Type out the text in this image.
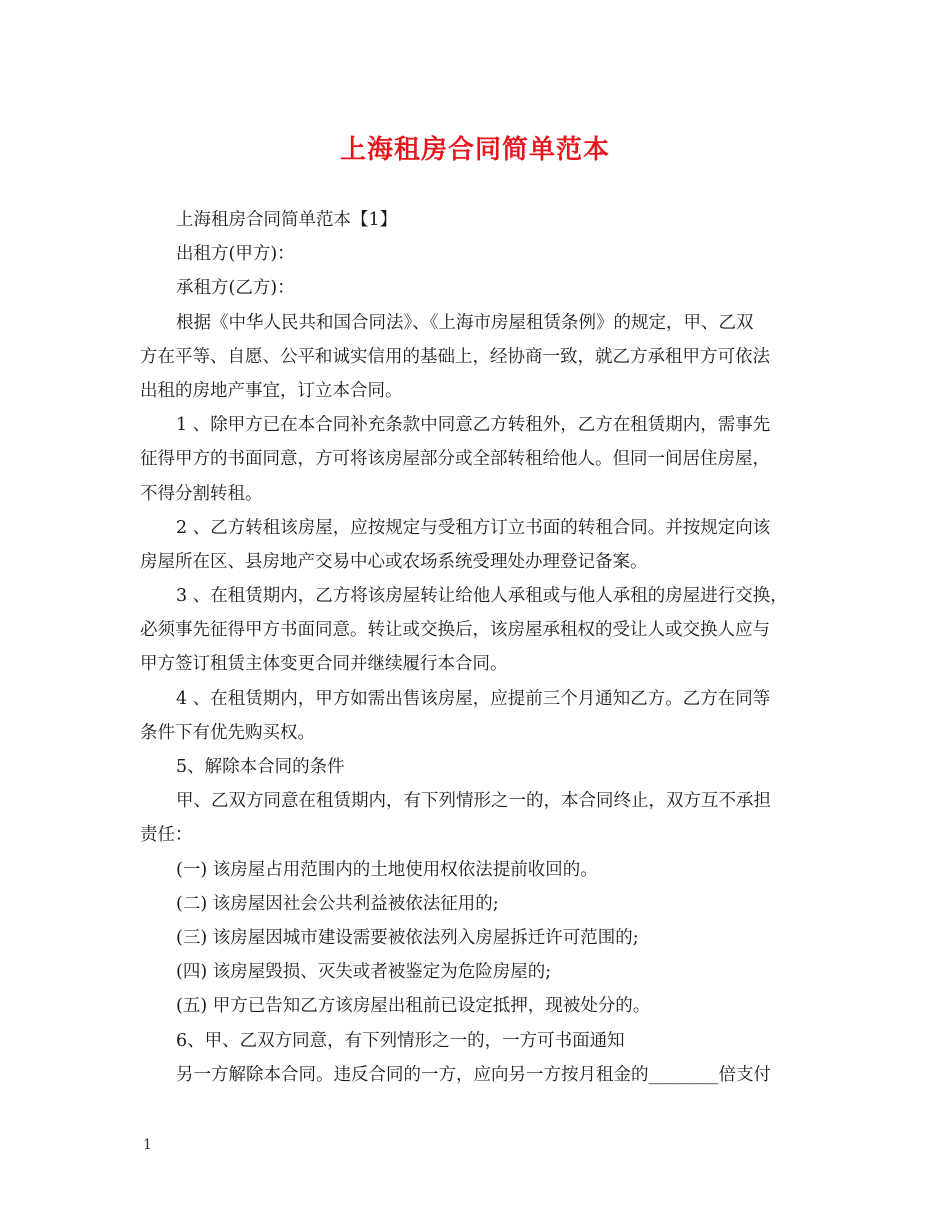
上海租房合同简单范本
上海租房合同简单范本【1】
出租方(甲方)：
承租方(乙方)：
根据《中华人民共和国合同法》、《上海市房屋租赁条例》的规定，甲、乙双
方在平等、自愿、公平和诚实信用的基础上，经协商一致，就乙方承租甲方可依法
出租的房地产事宜，订立本合同。
1 、除甲方已在本合同补充条款中同意乙方转租外，乙方在租赁期内，需事先
征得甲方的书面同意，方可将该房屋部分或全部转租给他人。但同一间居住房屋，
不得分割转租。
2 、乙方转租该房屋，应按规定与受租方订立书面的转租合同。并按规定向该
房屋所在区、县房地产交易中心或农场系统受理处办理登记备案。
3 、在租赁期内，乙方将该房屋转让给他人承租或与他人承租的房屋进行交换，
必须事先征得甲方书面同意。转让或交换后，该房屋承租权的受让人或交换人应与
甲方签订租赁主体变更合同并继续履行本合同。
4 、在租赁期内，甲方如需出售该房屋，应提前三个月通知乙方。乙方在同等
条件下有优先购买权。
5、解除本合同的条件
甲、乙双方同意在租赁期内，有下列情形之一的，本合同终止，双方互不承担
责任：
(一) 该房屋占用范围内的土地使用权依法提前收回的。
(二) 该房屋因社会公共利益被依法征用的;
(三) 该房屋因城市建设需要被依法列入房屋拆迁许可范围的;
(四) 该房屋毁损、灭失或者被鉴定为危险房屋的;
(五) 甲方已告知乙方该房屋出租前已设定抵押，现被处分的。
6、甲、乙双方同意，有下列情形之一的，一方可书面通知
另一方解除本合同。违反合同的一方，应向另一方按月租金的________倍支付
1
